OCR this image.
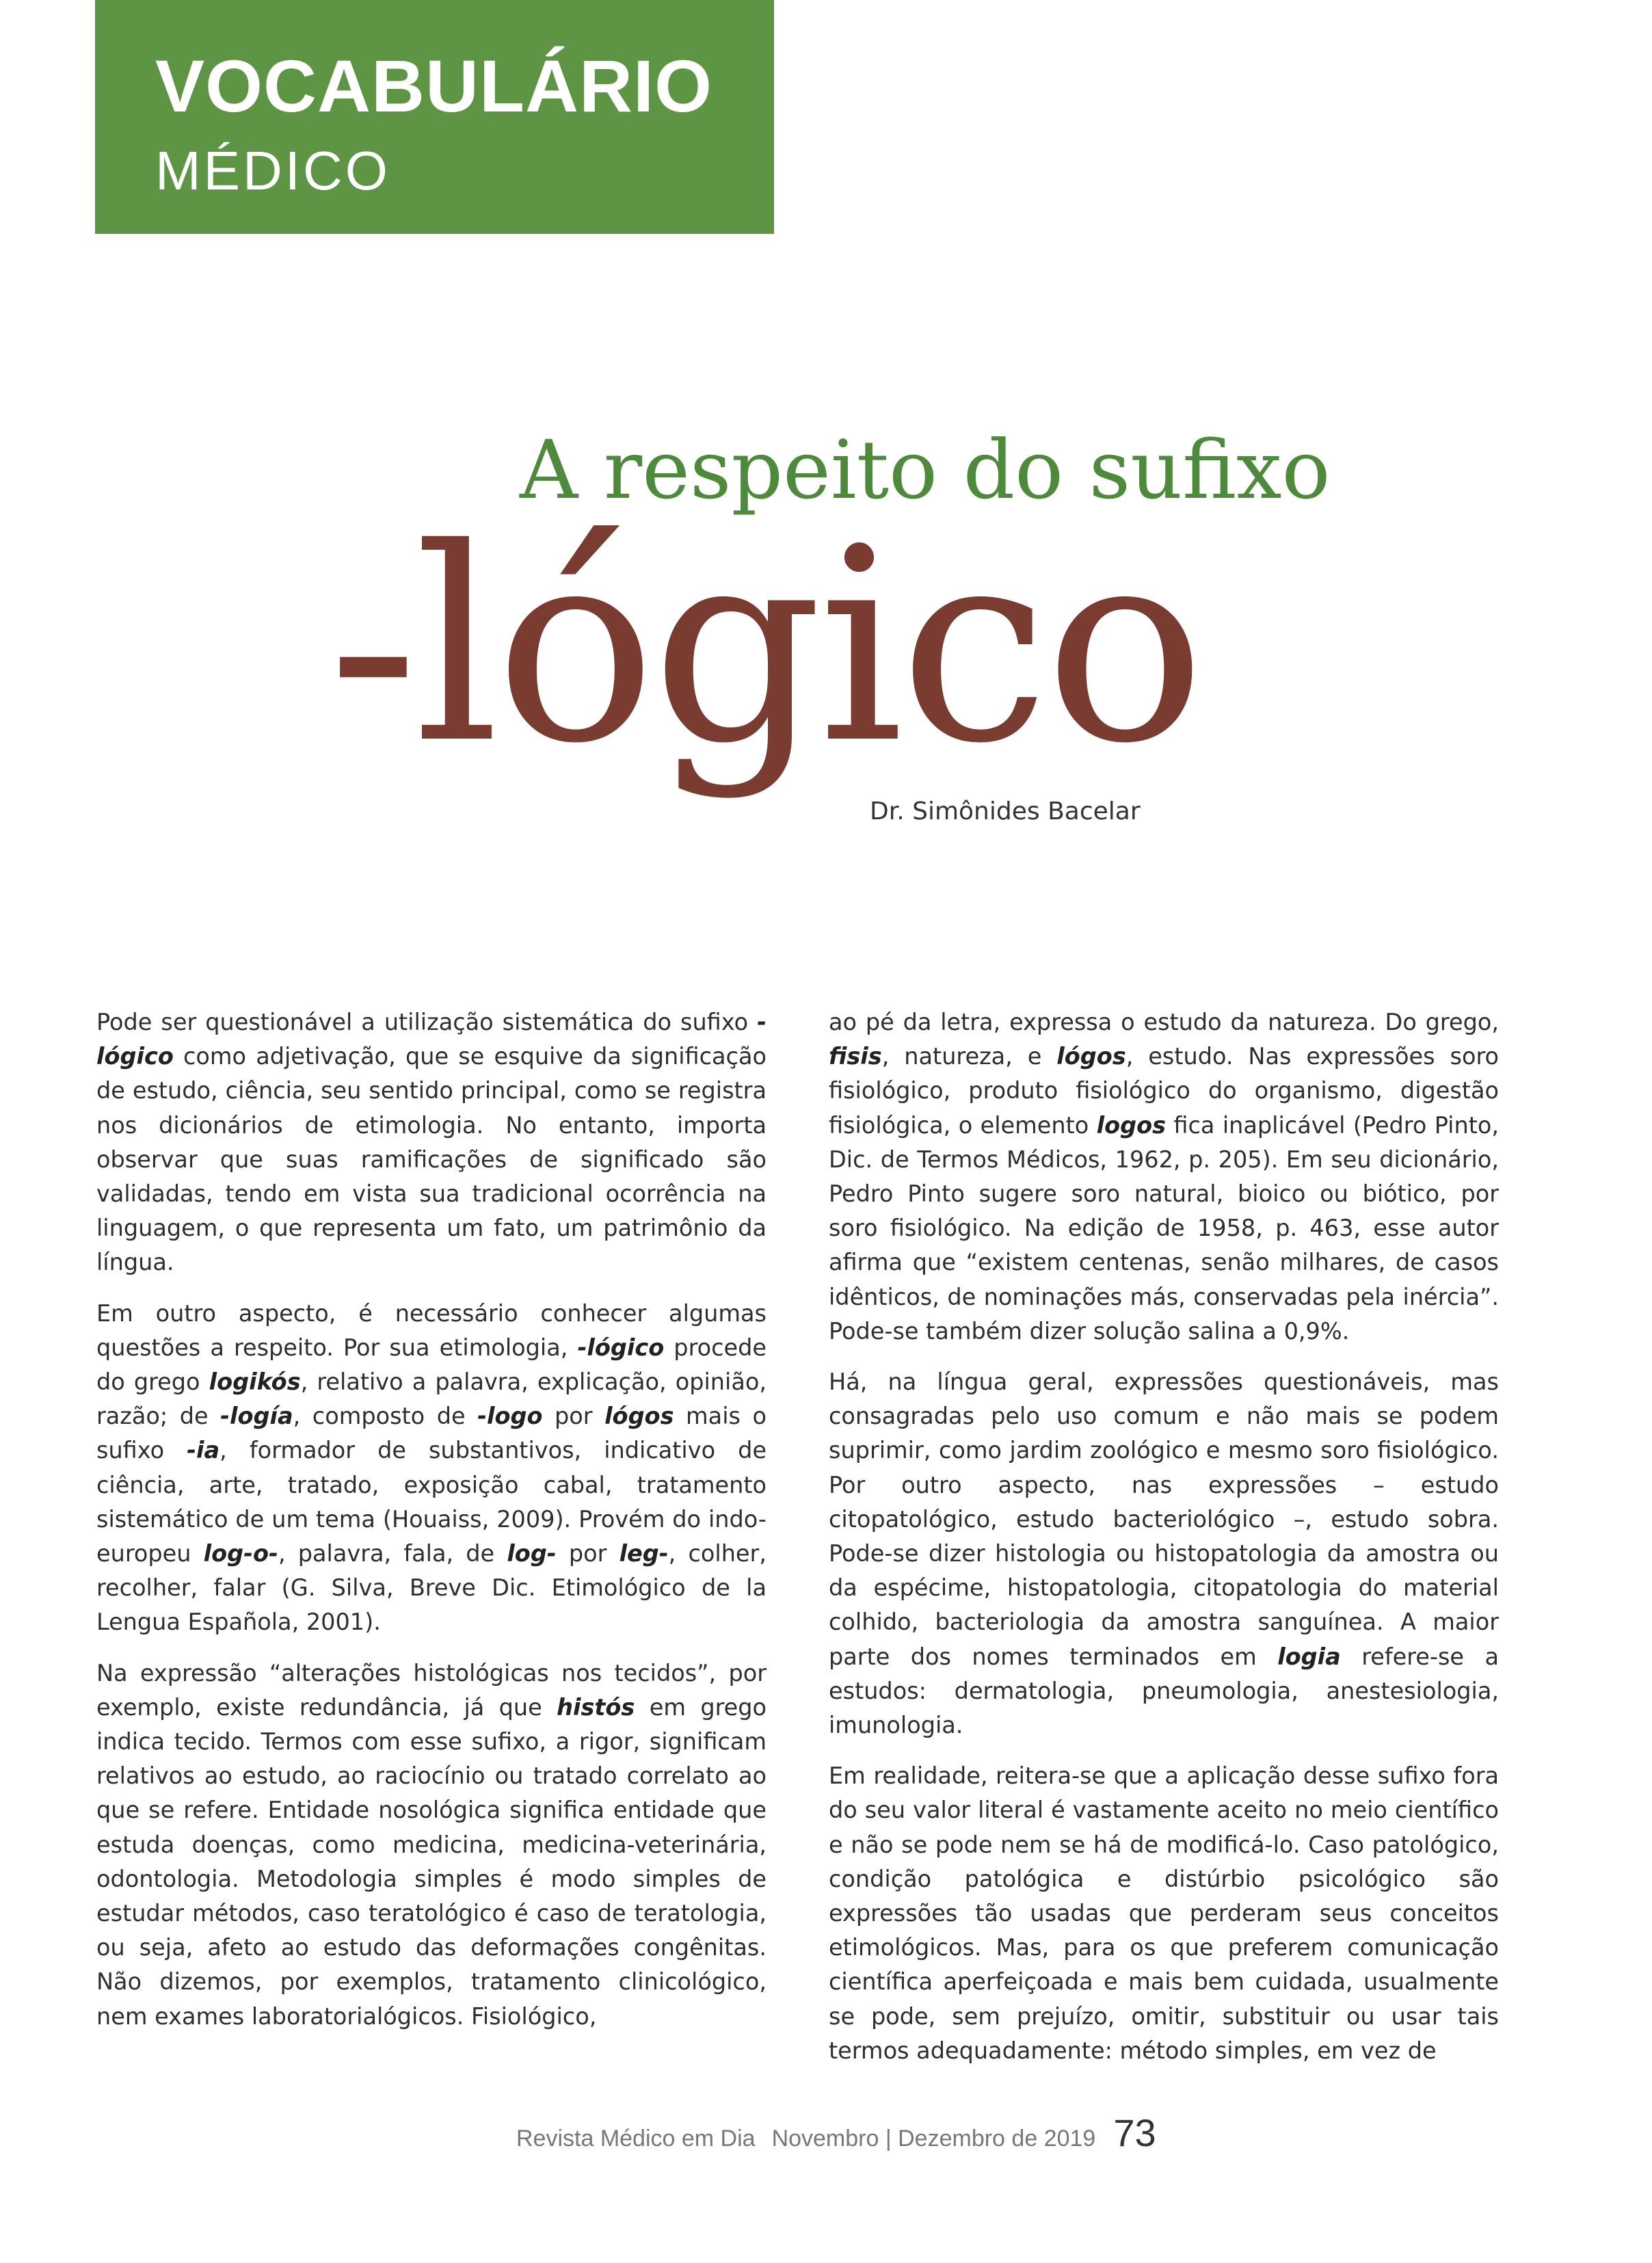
VOCABULÁRIO
MÉDICO
A respeito do sufixo
-lógico
Dr. Simônides Bacelar

Pode ser questionável a utilização sistemática do sufixo -lógico como adjetivação, que se esquive da significação de estudo, ciência, seu sentido principal, como se registra nos dicionários de etimologia. No entanto, importa observar que suas ramificações de significado são validadas, tendo em vista sua tradicional ocorrência na linguagem, o que representa um fato, um patrimônio da língua.

Em outro aspecto, é necessário conhecer algumas questões a respeito. Por sua etimologia, -lógico procede do grego logikós, relativo a palavra, explicação, opinião, razão; de -logía, composto de -logo por lógos mais o sufixo -ia, formador de substantivos, indicativo de ciência, arte, tratado, exposição cabal, tratamento sistemático de um tema (Houaiss, 2009). Provém do indo-europeu log-o-, palavra, fala, de log- por leg-, colher, recolher, falar (G. Silva, Breve Dic. Etimológico de la Lengua Española, 2001).

Na expressão “alterações histológicas nos tecidos”, por exemplo, existe redundância, já que histós em grego indica tecido. Termos com esse sufixo, a rigor, significam relativos ao estudo, ao raciocínio ou tratado correlato ao que se refere. Entidade nosológica significa entidade que estuda doenças, como medicina, medicina-veterinária, odontologia. Metodologia simples é modo simples de estudar métodos, caso teratológico é caso de teratologia, ou seja, afeto ao estudo das deformações congênitas. Não dizemos, por exemplos, tratamento clinicológico, nem exames laboratorialógicos. Fisiológico,

ao pé da letra, expressa o estudo da natureza. Do grego, fisis, natureza, e lógos, estudo. Nas expressões soro fisiológico, produto fisiológico do organismo, digestão fisiológica, o elemento logos fica inaplicável (Pedro Pinto, Dic. de Termos Médicos, 1962, p. 205). Em seu dicionário, Pedro Pinto sugere soro natural, bioico ou biótico, por soro fisiológico. Na edição de 1958, p. 463, esse autor afirma que “existem centenas, senão milhares, de casos idênticos, de nominações más, conservadas pela inércia”. Pode-se também dizer solução salina a 0,9%.

Há, na língua geral, expressões questionáveis, mas consagradas pelo uso comum e não mais se podem suprimir, como jardim zoológico e mesmo soro fisiológico. Por outro aspecto, nas expressões – estudo citopatológico, estudo bacteriológico –, estudo sobra. Pode-se dizer histologia ou histopatologia da amostra ou da espécime, histopatologia, citopatologia do material colhido, bacteriologia da amostra sanguínea. A maior parte dos nomes terminados em logia refere-se a estudos: dermatologia, pneumologia, anestesiologia, imunologia.

Em realidade, reitera-se que a aplicação desse sufixo fora do seu valor literal é vastamente aceito no meio científico e não se pode nem se há de modificá-lo. Caso patológico, condição patológica e distúrbio psicológico são expressões tão usadas que perderam seus conceitos etimológicos. Mas, para os que preferem comunicação científica aperfeiçoada e mais bem cuidada, usualmente se pode, sem prejuízo, omitir, substituir ou usar tais termos adequadamente: método simples, em vez de

Revista Médico em Dia Novembro | Dezembro de 2019 73
